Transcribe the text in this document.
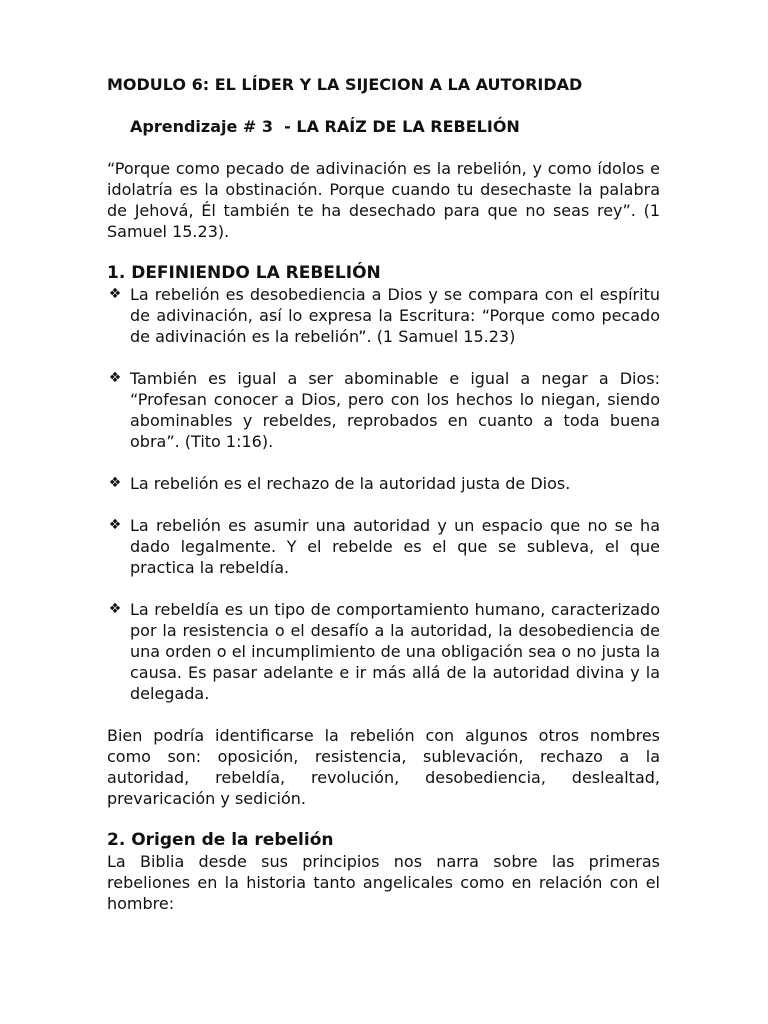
MODULO 6: EL LÍDER Y LA SIJECION A LA AUTORIDAD
Aprendizaje # 3  - LA RAÍZ DE LA REBELIÓN

“Porque como pecado de adivinación es la rebelión, y como ídolos e idolatría es la obstinación. Porque cuando tu desechaste la palabra de Jehová, Él también te ha desechado para que no seas rey”. (1 Samuel 15.23).

1. DEFINIENDO LA REBELIÓN
❖ La rebelión es desobediencia a Dios y se compara con el espíritu de adivinación, así lo expresa la Escritura: “Porque como pecado de adivinación es la rebelión”. (1 Samuel 15.23)
❖ También es igual a ser abominable e igual a negar a Dios: “Profesan conocer a Dios, pero con los hechos lo niegan, siendo abominables y rebeldes, reprobados en cuanto a toda buena obra”. (Tito 1:16).
❖ La rebelión es el rechazo de la autoridad justa de Dios.
❖ La rebelión es asumir una autoridad y un espacio que no se ha dado legalmente. Y el rebelde es el que se subleva, el que practica la rebeldía.
❖ La rebeldía es un tipo de comportamiento humano, caracterizado por la resistencia o el desafío a la autoridad, la desobediencia de una orden o el incumplimiento de una obligación sea o no justa la causa. Es pasar adelante e ir más allá de la autoridad divina y la delegada.

Bien podría identificarse la rebelión con algunos otros nombres como son: oposición, resistencia, sublevación, rechazo a la autoridad, rebeldía, revolución, desobediencia, deslealtad, prevaricación y sedición.

2. Origen de la rebelión

La Biblia desde sus principios nos narra sobre las primeras rebeliones en la historia tanto angelicales como en relación con el hombre:
